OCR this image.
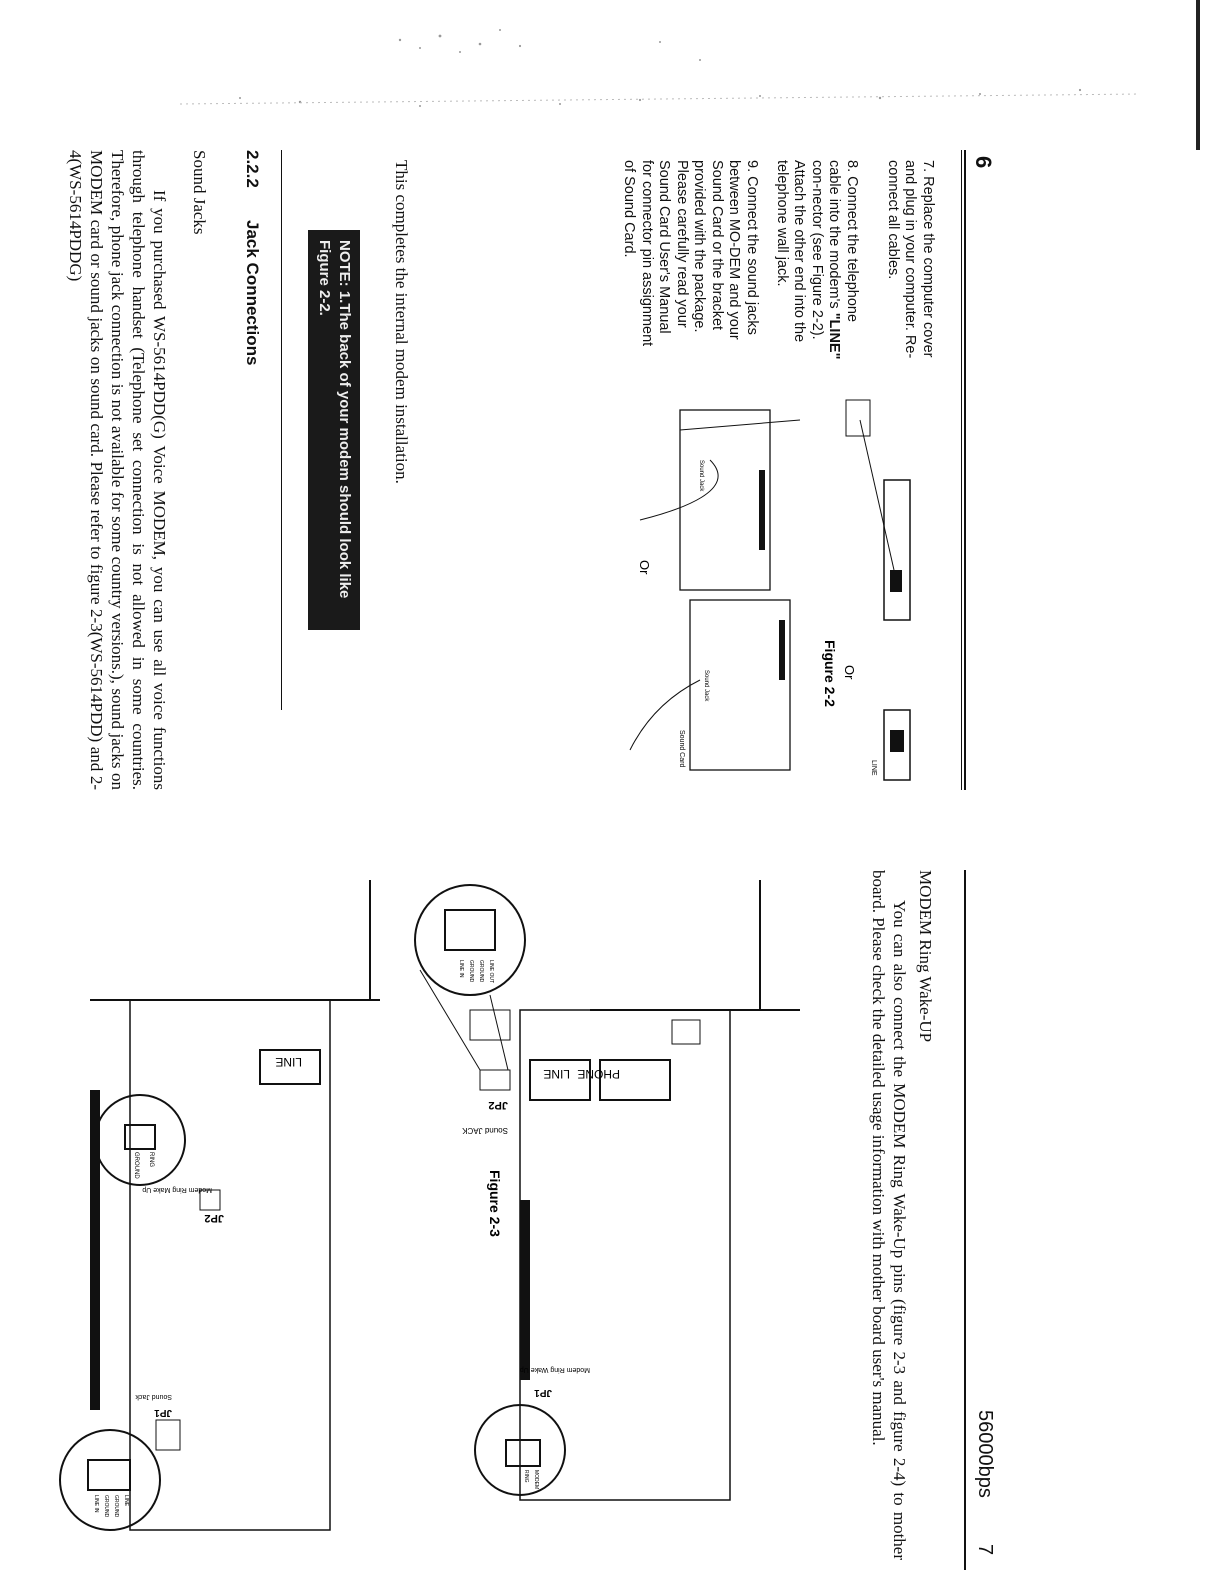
6
7. Replace the computer cover and plug in your computer. Re-connect all cables.
8. Connect the telephone cable into the modem's "LINE" con-nector (see Figure 2-2). Attach the other end into the telephone wall jack.
9. Connect the sound jacks between MO-DEM and your Sound Card or the bracket provided with the package. Please carefully read your Sound Card User's Manual for connector pin assignment of Sound Card.
LINE
Or
Figure 2-2
Sound Jack
Or
Sound Card
Sound Jack
This completes the internal modem installation.
NOTE: 1.The back of your modem should look like Figure 2-2.
2.2.2
Jack Connections
Sound Jacks
If you purchased WS-5614PDD(G) Voice MODEM, you can use all voice functions through telephone handset (Telephone set connection is not allowed in some countries. Therefore, phone jack connection is not available for some country versions.), sound jacks on MODEM card or sound jacks on sound card. Please refer to figure 2-3(WS-5614PDD) and 2-4(WS-5614PDDG)
56000bps
7
MODEM Ring Wake-UP
You can also connect the MODEM Ring Wake-Up pins (figure 2-3 and figure 2-4) to mother board. Please check the detailed usage information with mother board user's manual.
PHONE
LINE
JP2
Sound JACK
LINE OUT
GROUND
GROUND
LINE IN
Figure 2-3
JP1
Modem Ring Wake Up
MODEM
RING
LINE
JP2
Modem Ring Make Up
RING
GROUND
JP1
Sound Jack
LINE
GROUND
GROUND
LINE IN
